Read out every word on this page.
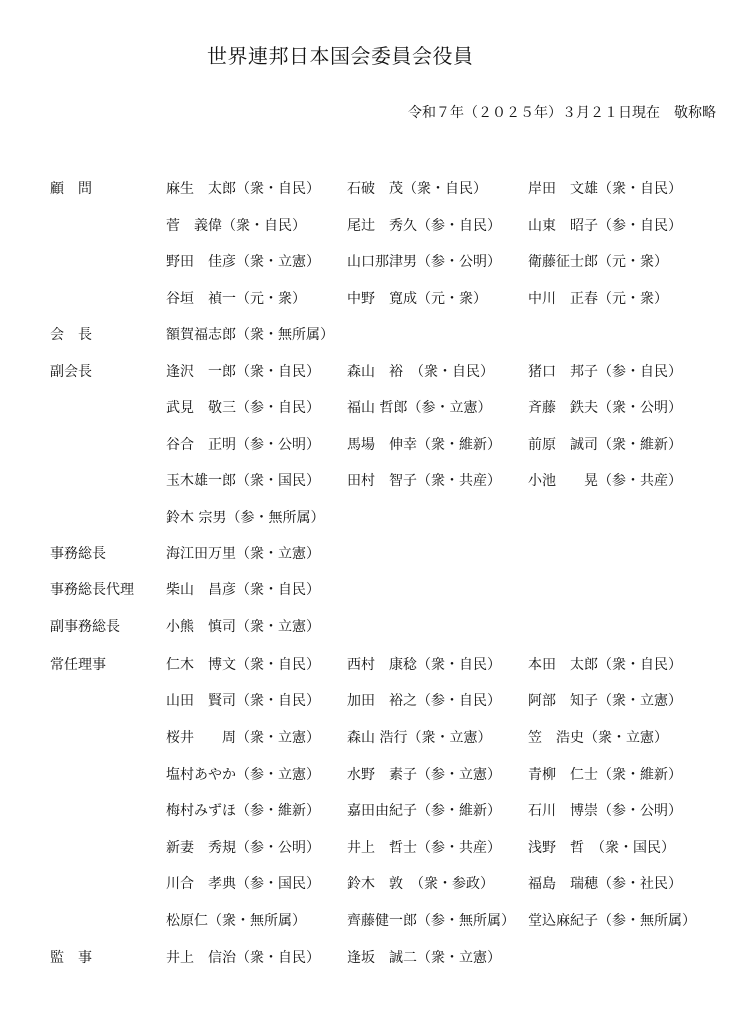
世界連邦日本国会委員会役員
令和７年（２０２５年）３月２１日現在　敬称略
顧　問	麻生　太郎（衆・自民） 石破　茂（衆・自民）	岸田　文雄（衆・自民）
菅　義偉（衆・自民）	尾辻　秀久（参・自民） 山東　昭子（参・自民）
野田　佳彦（衆・立憲） 山口那津男（参・公明） 衛藤征士郎（元・衆）
谷垣　禎一（元・衆）	中野　寛成（元・衆）	中川　正春（元・衆）
会　長	額賀福志郎（衆・無所属）
副会長	逢沢　一郎（衆・自民） 森山　裕　（衆・自民） 猪口　邦子（参・自民）
武見　敬三（参・自民） 福山 哲郎（参・立憲）	斉藤　鉄夫（衆・公明）
谷合　正明（参・公明） 馬場　伸幸（衆・維新） 前原　誠司（衆・維新）
玉木雄一郎（衆・国民） 田村　智子（衆・共産） 小池　　晃（参・共産）
鈴木 宗男（参・無所属）
事務総長	海江田万里（衆・立憲）
事務総長代理 柴山　昌彦（衆・自民）
副事務総長	小熊　慎司（衆・立憲）
常任理事	仁木　博文（衆・自民） 西村　康稔（衆・自民） 本田　太郎（衆・自民）
山田　賢司（衆・自民） 加田　裕之（参・自民） 阿部　知子（衆・立憲）
桜井　　周（衆・立憲） 森山 浩行（衆・立憲）	笠　浩史（衆・立憲）
塩村あやか（参・立憲） 水野　素子（参・立憲） 青柳　仁士（衆・維新）
梅村みずほ（参・維新） 嘉田由紀子（参・維新） 石川　博崇（参・公明）
新妻　秀規（参・公明） 井上　哲士（参・共産） 浅野　哲　（衆・国民）
川合　孝典（参・国民） 鈴木　敦　（衆・参政） 福島　瑞穂（参・社民）
松原仁（衆・無所属）	齊藤健一郎（参・無所属） 堂込麻紀子（参・無所属）
監　事	井上　信治（衆・自民） 逢坂　誠二（衆・立憲）
